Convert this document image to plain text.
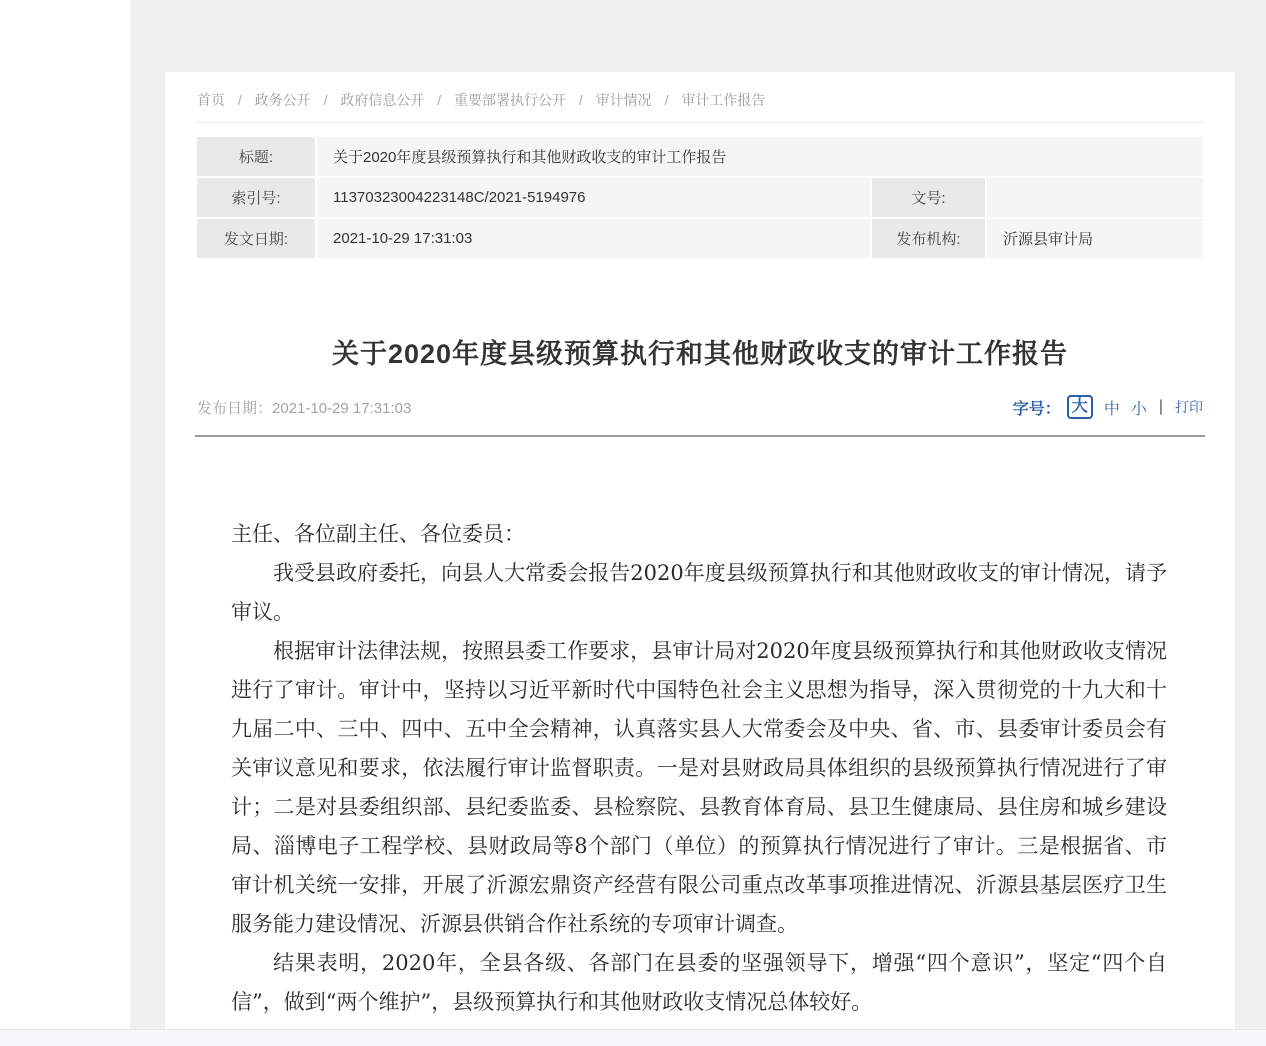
首页 / 政务公开 / 政府信息公开 / 重要部署执行公开 / 审计情况 / 审计工作报告
标题:	关于2020年度县级预算执行和其他财政收支的审计工作报告		
索引号:	11370323004223148C/2021-5194976	文号:	
发文日期:	2021-10-29 17:31:03	发布机构:	沂源县审计局
关于2020年度县级预算执行和其他财政收支的审计工作报告
发布日期：2021-10-29 17:31:03	字号： 大	中 小 | 打印

主任、各位副主任、各位委员：

我受县政府委托，向县人大常委会报告2020年度县级预算执行和其他财政收支的审计情况，请予审议。

根据审计法律法规，按照县委工作要求，县审计局对2020年度县级预算执行和其他财政收支情况进行了审计。审计中，坚持以习近平新时代中国特色社会主义思想为指导，深入贯彻党的十九大和十九届二中、三中、四中、五中全会精神，认真落实县人大常委会及中央、省、市、县委审计委员会有关审议意见和要求，依法履行审计监督职责。一是对县财政局具体组织的县级预算执行情况进行了审计；二是对县委组织部、县纪委监委、县检察院、县教育体育局、县卫生健康局、县住房和城乡建设局、淄博电子工程学校、县财政局等8个部门（单位）的预算执行情况进行了审计。三是根据省、市审计机关统一安排，开展了沂源宏鼎资产经营有限公司重点改革事项推进情况、沂源县基层医疗卫生服务能力建设情况、沂源县供销合作社系统的专项审计调查。

结果表明，2020年，全县各级、各部门在县委的坚强领导下，增强“四个意识”，坚定“四个自信”，做到“两个维护”，县级预算执行和其他财政收支情况总体较好。
